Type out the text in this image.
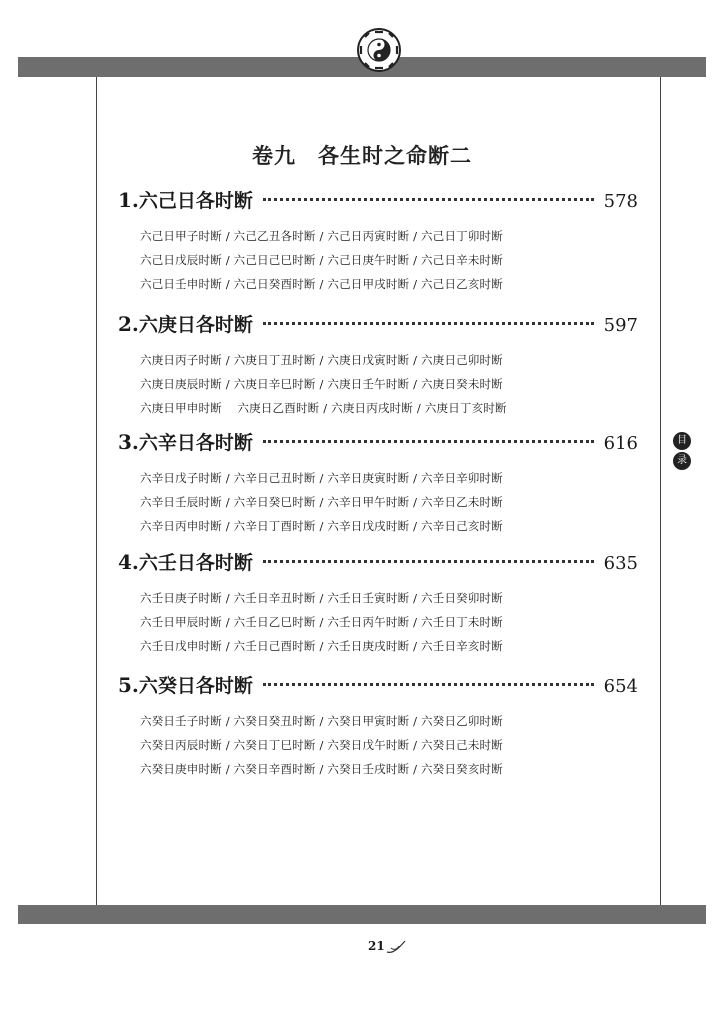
卷九　各生时之命断二
1. 六己日各时断	578
六己日甲子时断 / 六己乙丑各时断 / 六己日丙寅时断 / 六己日丁卯时断
六己日戊辰时断 / 六己日己巳时断 / 六己日庚午时断 / 六己日辛未时断
六己日壬申时断 / 六己日癸酉时断 / 六己日甲戌时断 / 六己日乙亥时断
2. 六庚日各时断	597
六庚日丙子时断 / 六庚日丁丑时断 / 六庚日戊寅时断 / 六庚日己卯时断
六庚日庚辰时断 / 六庚日辛巳时断 / 六庚日壬午时断 / 六庚日癸未时断
六庚日甲申时断　 六庚日乙酉时断 / 六庚日丙戌时断 / 六庚日丁亥时断
3. 六辛日各时断	616
六辛日戊子时断 / 六辛日己丑时断 / 六辛日庚寅时断 / 六辛日辛卯时断
六辛日壬辰时断 / 六辛日癸巳时断 / 六辛日甲午时断 / 六辛日乙未时断
六辛日丙申时断 / 六辛日丁酉时断 / 六辛日戊戌时断 / 六辛日己亥时断
4. 六壬日各时断	635
六壬日庚子时断 / 六壬日辛丑时断 / 六壬日壬寅时断 / 六壬日癸卯时断
六壬日甲辰时断 / 六壬日乙巳时断 / 六壬日丙午时断 / 六壬日丁未时断
六壬日戊申时断 / 六壬日己酉时断 / 六壬日庚戌时断 / 六壬日辛亥时断
5. 六癸日各时断	654
六癸日壬子时断 / 六癸日癸丑时断 / 六癸日甲寅时断 / 六癸日乙卯时断
六癸日丙辰时断 / 六癸日丁巳时断 / 六癸日戊午时断 / 六癸日己未时断
六癸日庚申时断 / 六癸日辛酉时断 / 六癸日壬戌时断 / 六癸日癸亥时断
目
录
21
